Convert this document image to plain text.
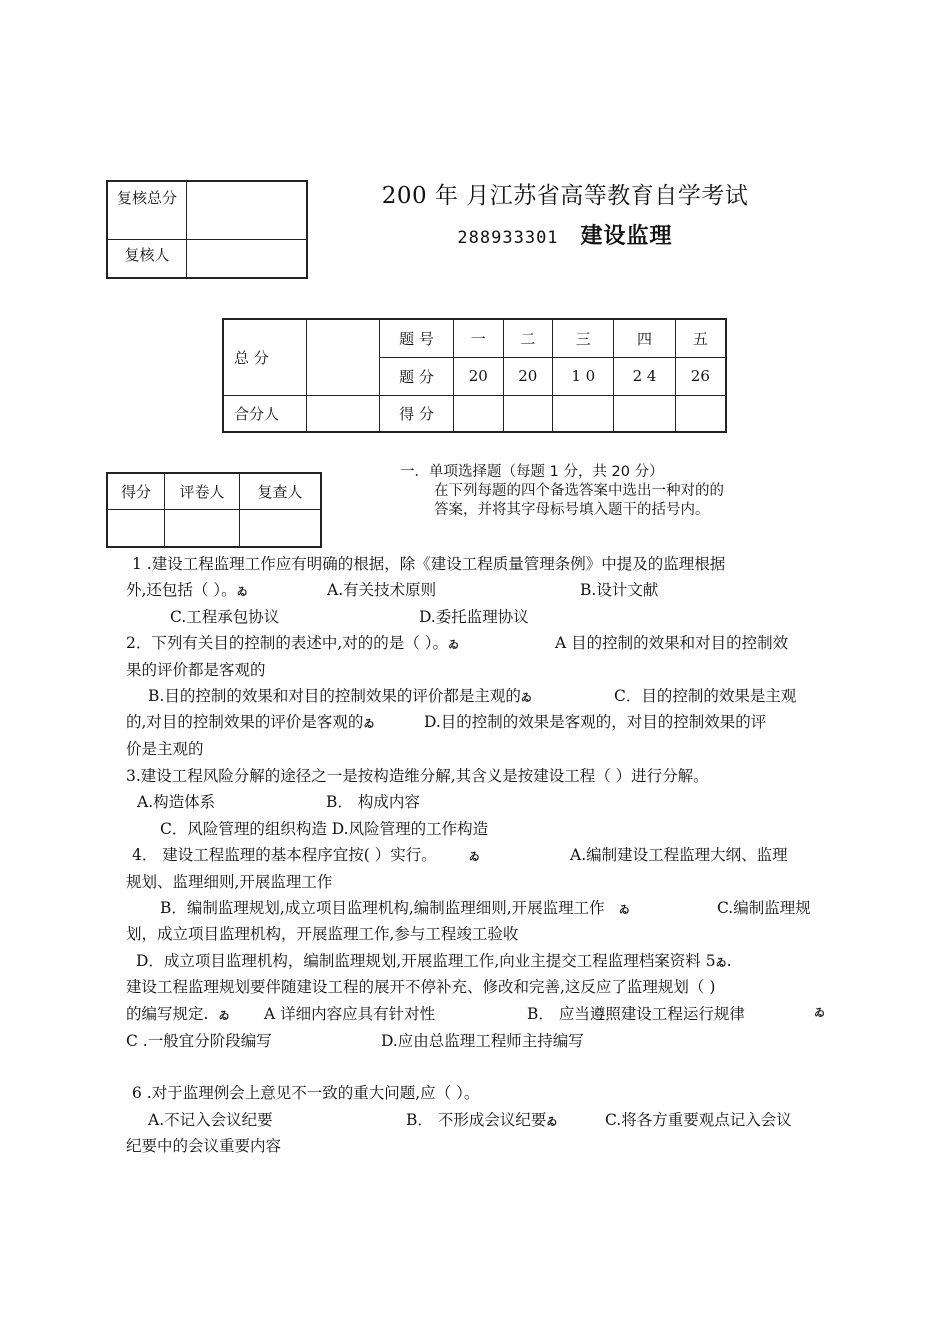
复核总分	
复核人	
200 年 月江苏省高等教育自学考试
288933301 建设监理
总 分		题 号	一	二	三	四	五
		题 分	20	20	1 0	2 4	26
合分人		得 分					
得分	评卷人	复查人

一．单项选择题（每题 1 分，共 20 分）
在下列每题的四个备选答案中选出一种对的的
答案，并将其字母标号填入题干的括号内。
1 .建设工程监理工作应有明确的根据，除《建设工程质量管理条例》中提及的监理根据
外,还包括（ ）。ゐ	A.有关技术原则	B.设计文献
C.工程承包协议	D.委托监理协议
2．下列有关目的控制的表述中,对的的是（ ）。ゐ	A 目的控制的效果和对目的控制效
果的评价都是客观的
B.目的控制的效果和对目的控制效果的评价都是主观的ゐ	C．目的控制的效果是主观
的,对目的控制效果的评价是客观的ゐ	D.目的控制的效果是客观的，对目的控制效果的评
价是主观的
3.建设工程风险分解的途径之一是按构造维分解,其含义是按建设工程（ ）进行分解。
A.构造体系	B． 构成内容
C．风险管理的组织构造 D.风险管理的工作构造
4． 建设工程监理的基本程序宜按( ）实行。	ゐ	A.编制建设工程监理大纲、监理
规划、监理细则,开展监理工作
B．编制监理规划,成立项目监理机构,编制监理细则,开展监理工作 ゐ	C.编制监理规
划，成立项目监理机构，开展监理工作,参与工程竣工验收
D．成立项目监理机构，编制监理规划,开展监理工作,向业主提交工程监理档案资料 5ゐ.
建设工程监理规划要伴随建设工程的展开不停补充、修改和完善,这反应了监理规划（ )
的编写规定. ゐ A 详细内容应具有针对性	B． 应当遵照建设工程运行规律	ゐ
C .一般宜分阶段编写	D.应由总监理工程师主持编写
6 .对于监理例会上意见不一致的重大问题,应（ ）。
A.不记入会议纪要	B． 不形成会议纪要ゐ	C.将各方重要观点记入会议
纪要中的会议重要内容
